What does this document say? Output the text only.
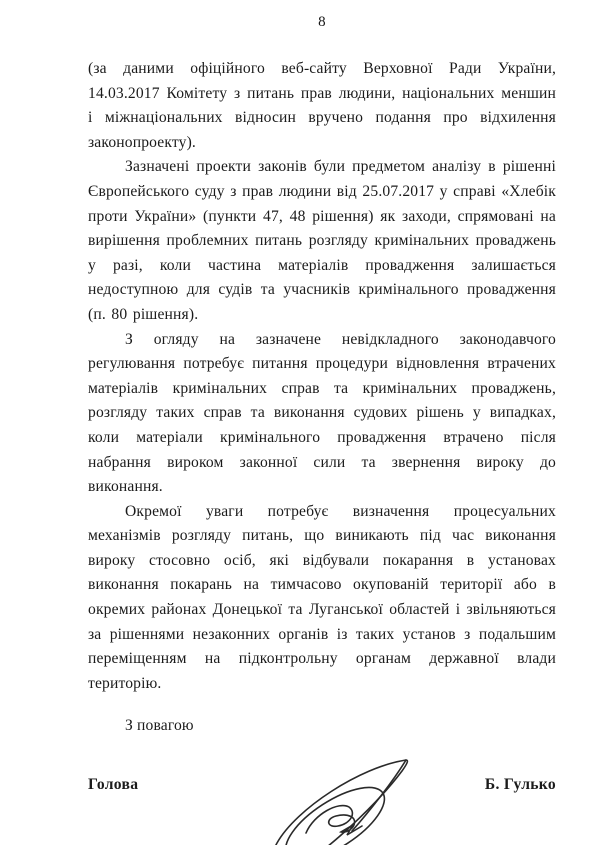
8

(за даними офіційного веб-сайту Верховної Ради України, 14.03.2017 Комітету з питань прав людини, національних меншин і міжнаціональних відносин вручено подання про відхилення законопроекту).

Зазначені проекти законів були предметом аналізу в рішенні Європейського суду з прав людини від 25.07.2017 у справі «Хлебік проти України» (пункти 47, 48 рішення) як заходи, спрямовані на вирішення проблемних питань розгляду кримінальних проваджень у разі, коли частина матеріалів провадження залишається недоступною для судів та учасників кримінального провадження (п. 80 рішення).

З огляду на зазначене невідкладного законодавчого регулювання потребує питання процедури відновлення втрачених матеріалів кримінальних справ та кримінальних проваджень, розгляду таких справ та виконання судових рішень у випадках, коли матеріали кримінального провадження втрачено після набрання вироком законної сили та звернення вироку до виконання.

Окремої уваги потребує визначення процесуальних механізмів розгляду питань, що виникають під час виконання вироку стосовно осіб, які відбували покарання в установах виконання покарань на тимчасово окупованій території або в окремих районах Донецької та Луганської областей і звільняються за рішеннями незаконних органів із таких установ з подальшим переміщенням на підконтрольну органам державної влади територію.

З повагою

Голова	Б. Гулько
